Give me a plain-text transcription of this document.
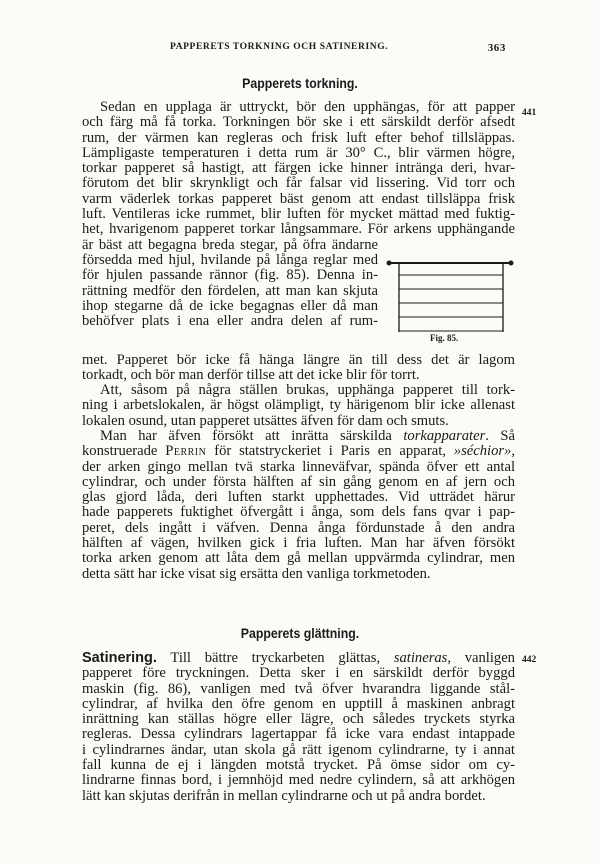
PAPPERETS TORKNING OCH SATINERING.	363
Papperets torkning.
441
Sedan en upplaga är uttryckt, bör den upphängas, för att papper
och färg må få torka. Torkningen bör ske i ett särskildt derför afsedt
rum, der värmen kan regleras och frisk luft efter behof tillsläppas.
Lämpligaste temperaturen i detta rum är 30° C., blir värmen högre,
torkar papperet så hastigt, att färgen icke hinner intränga deri, hvar-
förutom det blir skrynkligt och får falsar vid lissering. Vid torr och
varm väderlek torkas papperet bäst genom att endast tillsläppa frisk
luft. Ventileras icke rummet, blir luften för mycket mättad med fuktig-
het, hvarigenom papperet torkar långsammare. För arkens upphängande
är bäst att begagna breda stegar, på öfra ändarne
försedda med hjul, hvilande på långa reglar med
för hjulen passande rännor (fig. 85). Denna in-
rättning medför den fördelen, att man kan skjuta
ihop stegarne då de icke begagnas eller då man
behöfver plats i ena eller andra delen af rum-
Fig. 85.
met. Papperet bör icke få hänga längre än till dess det är lagom
torkadt, och bör man derför tillse att det icke blir för torrt.
Att, såsom på några ställen brukas, upphänga papperet till tork-
ning i arbetslokalen, är högst olämpligt, ty härigenom blir icke allenast
lokalen osund, utan papperet utsättes äfven för dam och smuts.
Man har äfven försökt att inrätta särskilda torkapparater. Så
konstruerade Perrin för statstryckeriet i Paris en apparat, »séchior»,
der arken gingo mellan tvä starka linneväfvar, spända öfver ett antal
cylindrar, och under första hälften af sin gång genom en af jern och
glas gjord låda, deri luften starkt upphettades. Vid utträdet härur
hade papperets fuktighet öfvergått i ånga, som dels fans qvar i pap-
peret, dels ingått i väfven. Denna ånga fördunstade å den andra
hälften af vägen, hvilken gick i fria luften. Man har äfven försökt
torka arken genom att låta dem gå mellan uppvärmda cylindrar, men
detta sätt har icke visat sig ersätta den vanliga torkmetoden.
Papperets glättning.
442
Satinering. Till bättre tryckarbeten glättas, satineras, vanligen
papperet före tryckningen. Detta sker i en särskildt derför byggd
maskin (fig. 86), vanligen med två öfver hvarandra liggande stål-
cylindrar, af hvilka den öfre genom en upptill å maskinen anbragt
inrättning kan ställas högre eller lägre, och således tryckets styrka
regleras. Dessa cylindrars lagertappar få icke vara endast intappade
i cylindrarnes ändar, utan skola gå rätt igenom cylindrarne, ty i annat
fall kunna de ej i längden motstå trycket. På ömse sidor om cy-
lindrarne finnas bord, i jemnhöjd med nedre cylindern, så att arkhögen
lätt kan skjutas derifrån in mellan cylindrarne och ut på andra bordet.
